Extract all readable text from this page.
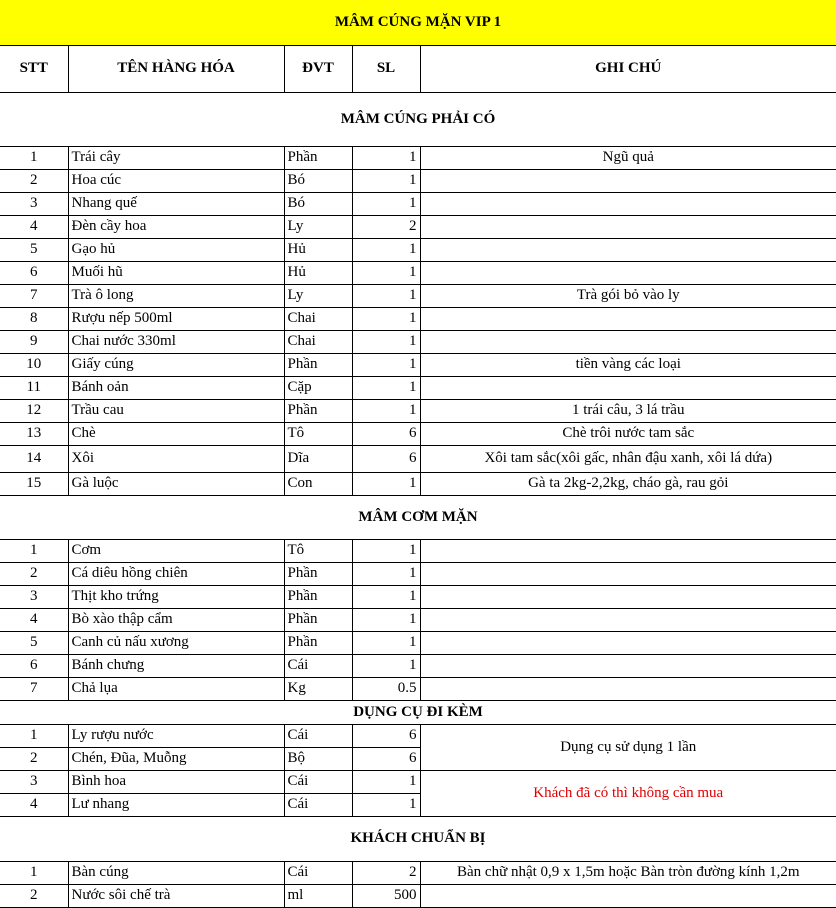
MÂM CÚNG MẶN VIP 1
STT	TÊN HÀNG HÓA	ĐVT	SL	GHI CHÚ
MÂM CÚNG PHẢI CÓ				
1	Trái cây	Phần	1	Ngũ quả
2	Hoa cúc	Bó	1	
3	Nhang quế	Bó	1	
4	Đèn cầy hoa	Ly	2	
5	Gạo hủ	Hủ	1	
6	Muối hũ	Hủ	1	
7	Trà ô long	Ly	1	Trà gói bỏ vào ly
8	Rượu nếp 500ml	Chai	1	
9	Chai nước 330ml	Chai	1	
10	Giấy cúng	Phần	1	tiền vàng các loại
11	Bánh oản	Cặp	1	
12	Trầu cau	Phần	1	1 trái câu, 3 lá trầu
13	Chè	Tô	6	Chè trôi nước tam sắc
14	Xôi	Dĩa	6	Xôi tam sắc(xôi gấc, nhân đậu xanh, xôi lá dứa)
15	Gà luộc	Con	1	Gà ta 2kg-2,2kg, cháo gà, rau gỏi
MÂM CƠM MẶN				
1	Cơm	Tô	1	
2	Cá diêu hồng chiên	Phần	1	
3	Thịt kho trứng	Phần	1	
4	Bò xào thập cẩm	Phần	1	
5	Canh củ nấu xương	Phần	1	
6	Bánh chưng	Cái	1	
7	Chả lụa	Kg	0.5	
DỤNG CỤ ĐI KÈM				
1	Ly rượu nước	Cái	6	Dụng cụ sử dụng 1 lần
2	Chén, Đũa, Muỗng	Bộ	6	
3	Bình hoa	Cái	1	Khách đã có thì không cần mua
4	Lư nhang	Cái	1	
KHÁCH CHUẨN BỊ				
1	Bàn cúng	Cái	2	Bàn chữ nhật 0,9 x 1,5m hoặc Bàn tròn đường kính 1,2m
2	Nước sôi chế trà	ml	500	
